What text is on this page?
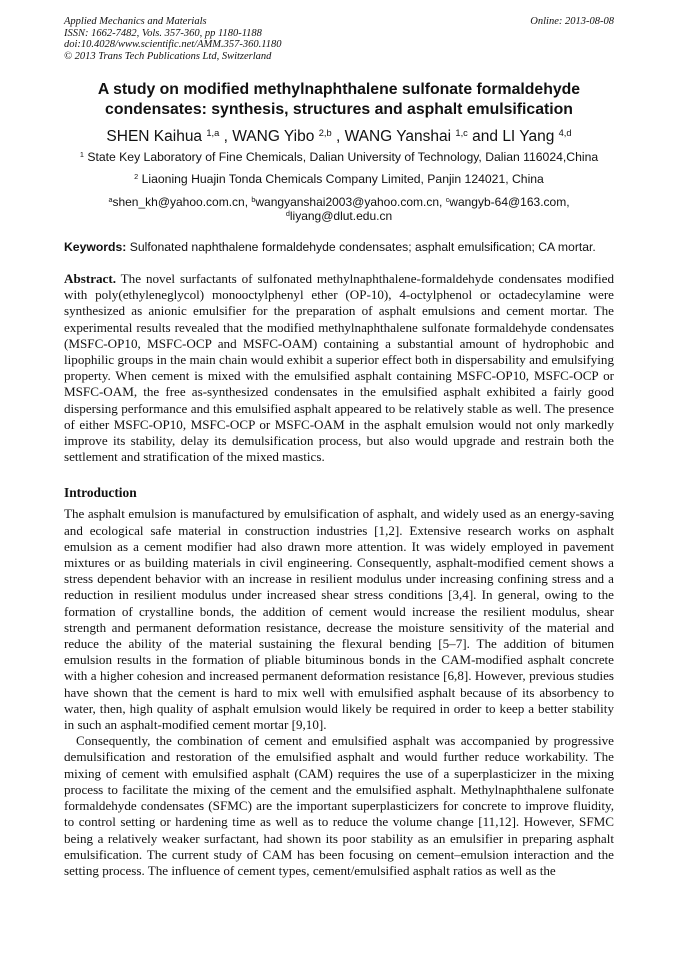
Applied Mechanics and Materials
ISSN: 1662-7482, Vols. 357-360, pp 1180-1188
doi:10.4028/www.scientific.net/AMM.357-360.1180
© 2013 Trans Tech Publications Ltd, Switzerland
Online: 2013-08-08
A study on modified methylnaphthalene sulfonate formaldehyde
condensates: synthesis, structures and asphalt emulsification
SHEN Kaihua $^{1,a}$ , WANG Yibo $^{2,b}$ , WANG Yanshai $^{1,c}$ and LI Yang $^{4,d}$
$^1$ State Key Laboratory of Fine Chemicals, Dalian University of Technology, Dalian 116024,China
$^2$ Liaoning Huajin Tonda Chemicals Company Limited, Panjin 124021, China
$^a$shen_kh@yahoo.com.cn, $^b$wangyanshai2003@yahoo.com.cn, $^c$wangyb-64@163.com,
$^d$liyang@dlut.edu.cn
Keywords: Sulfonated naphthalene formaldehyde condensates; asphalt emulsification; CA mortar.
Abstract. The novel surfactants of sulfonated methylnaphthalene-formaldehyde condensates modified with poly(ethyleneglycol) monooctylphenyl ether (OP-10), 4-octylphenol or octadecylamine were synthesized as anionic emulsifier for the preparation of asphalt emulsions and cement mortar. The experimental results revealed that the modified methylnaphthalene sulfonate formaldehyde condensates (MSFC-OP10, MSFC-OCP and MSFC-OAM) containing a substantial amount of hydrophobic and lipophilic groups in the main chain would exhibit a superior effect both in dispersability and emulsifying property. When cement is mixed with the emulsified asphalt containing MSFC-OP10, MSFC-OCP or MSFC-OAM, the free as-synthesized condensates in the emulsified asphalt exhibited a fairly good dispersing performance and this emulsified asphalt appeared to be relatively stable as well. The presence of either MSFC-OP10, MSFC-OCP or MSFC-OAM in the asphalt emulsion would not only markedly improve its stability, delay its demulsification process, but also would upgrade and restrain both the settlement and stratification of the mixed mastics.
Introduction
The asphalt emulsion is manufactured by emulsification of asphalt, and widely used as an energy-saving and ecological safe material in construction industries [1,2]. Extensive research works on asphalt emulsion as a cement modifier had also drawn more attention. It was widely employed in pavement mixtures or as building materials in civil engineering. Consequently, asphalt-modified cement shows a stress dependent behavior with an increase in resilient modulus under increasing confining stress and a reduction in resilient modulus under increased shear stress conditions [3,4]. In general, owing to the formation of crystalline bonds, the addition of cement would increase the resilient modulus, shear strength and permanent deformation resistance, decrease the moisture sensitivity of the material and reduce the ability of the material sustaining the flexural bending [5–7]. The addition of bitumen emulsion results in the formation of pliable bituminous bonds in the CAM-modified asphalt concrete with a higher cohesion and increased permanent deformation resistance [6,8]. However, previous studies have shown that the cement is hard to mix well with emulsified asphalt because of its absorbency to water, then, high quality of asphalt emulsion would likely be required in order to keep a better stability in such an asphalt-modified cement mortar [9,10].
Consequently, the combination of cement and emulsified asphalt was accompanied by progressive demulsification and restoration of the emulsified asphalt and would further reduce workability. The mixing of cement with emulsified asphalt (CAM) requires the use of a superplasticizer in the mixing process to facilitate the mixing of the cement and the emulsified asphalt. Methylnaphthalene sulfonate formaldehyde condensates (SFMC) are the important superplasticizers for concrete to improve fluidity, to control setting or hardening time as well as to reduce the volume change [11,12]. However, SFMC being a relatively weaker surfactant, had shown its poor stability as an emulsifier in preparing asphalt emulsification. The current study of CAM has been focusing on cement–emulsion interaction and the setting process. The influence of cement types, cement/emulsified asphalt ratios as well as the
